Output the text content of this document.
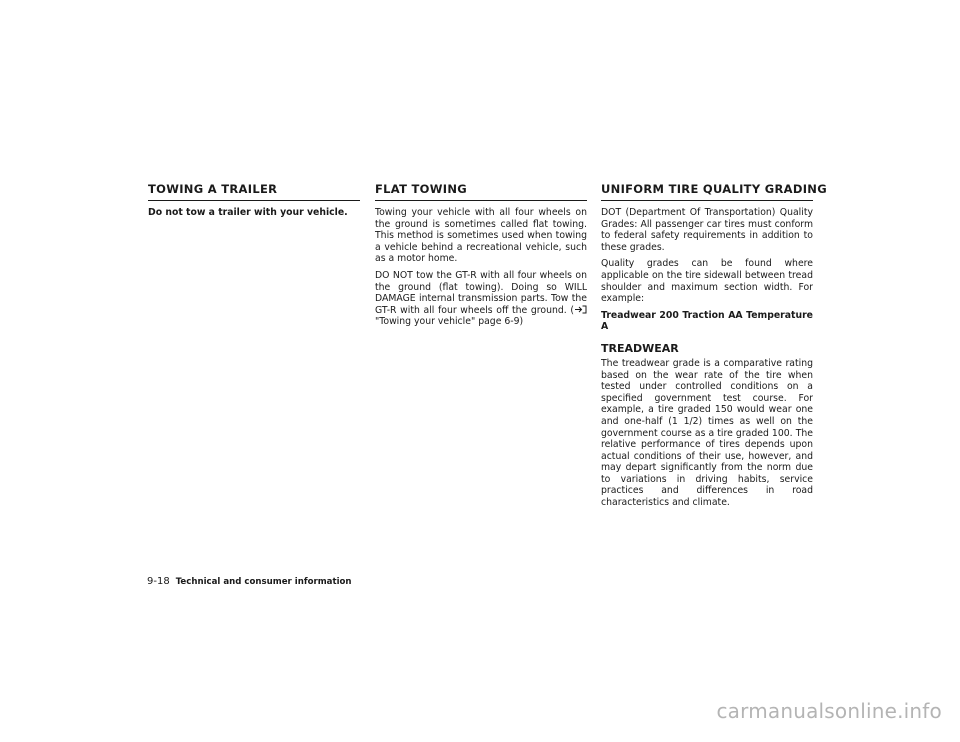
TOWING A TRAILER

Do not tow a trailer with your vehicle.

FLAT TOWING

Towing your vehicle with all four wheels on the ground is sometimes called flat towing. This method is sometimes used when towing a vehicle behind a recreational vehicle, such as a motor home.

DO NOT tow the GT-R with all four wheels on the ground (flat towing). Doing so WILL DAMAGE internal transmission parts. Tow the GT-R with all four wheels off the ground. ( "Towing your vehicle" page 6-9)

UNIFORM TIRE QUALITY GRADING

DOT (Department Of Transportation) Quality Grades: All passenger car tires must conform to federal safety requirements in addition to these grades.

Quality grades can be found where applicable on the tire sidewall between tread shoulder and maximum section width. For example:

Treadwear 200 Traction AA Temperature A

TREADWEAR

The treadwear grade is a comparative rating based on the wear rate of the tire when tested under controlled conditions on a specified government test course. For example, a tire graded 150 would wear one and one-half (1 1/2) times as well on the government course as a tire graded 100. The relative performance of tires depends upon actual conditions of their use, however, and may depart significantly from the norm due to variations in driving habits, service practices and differences in road characteristics and climate.

9-18 Technical and consumer information
carmanualsonline.info
